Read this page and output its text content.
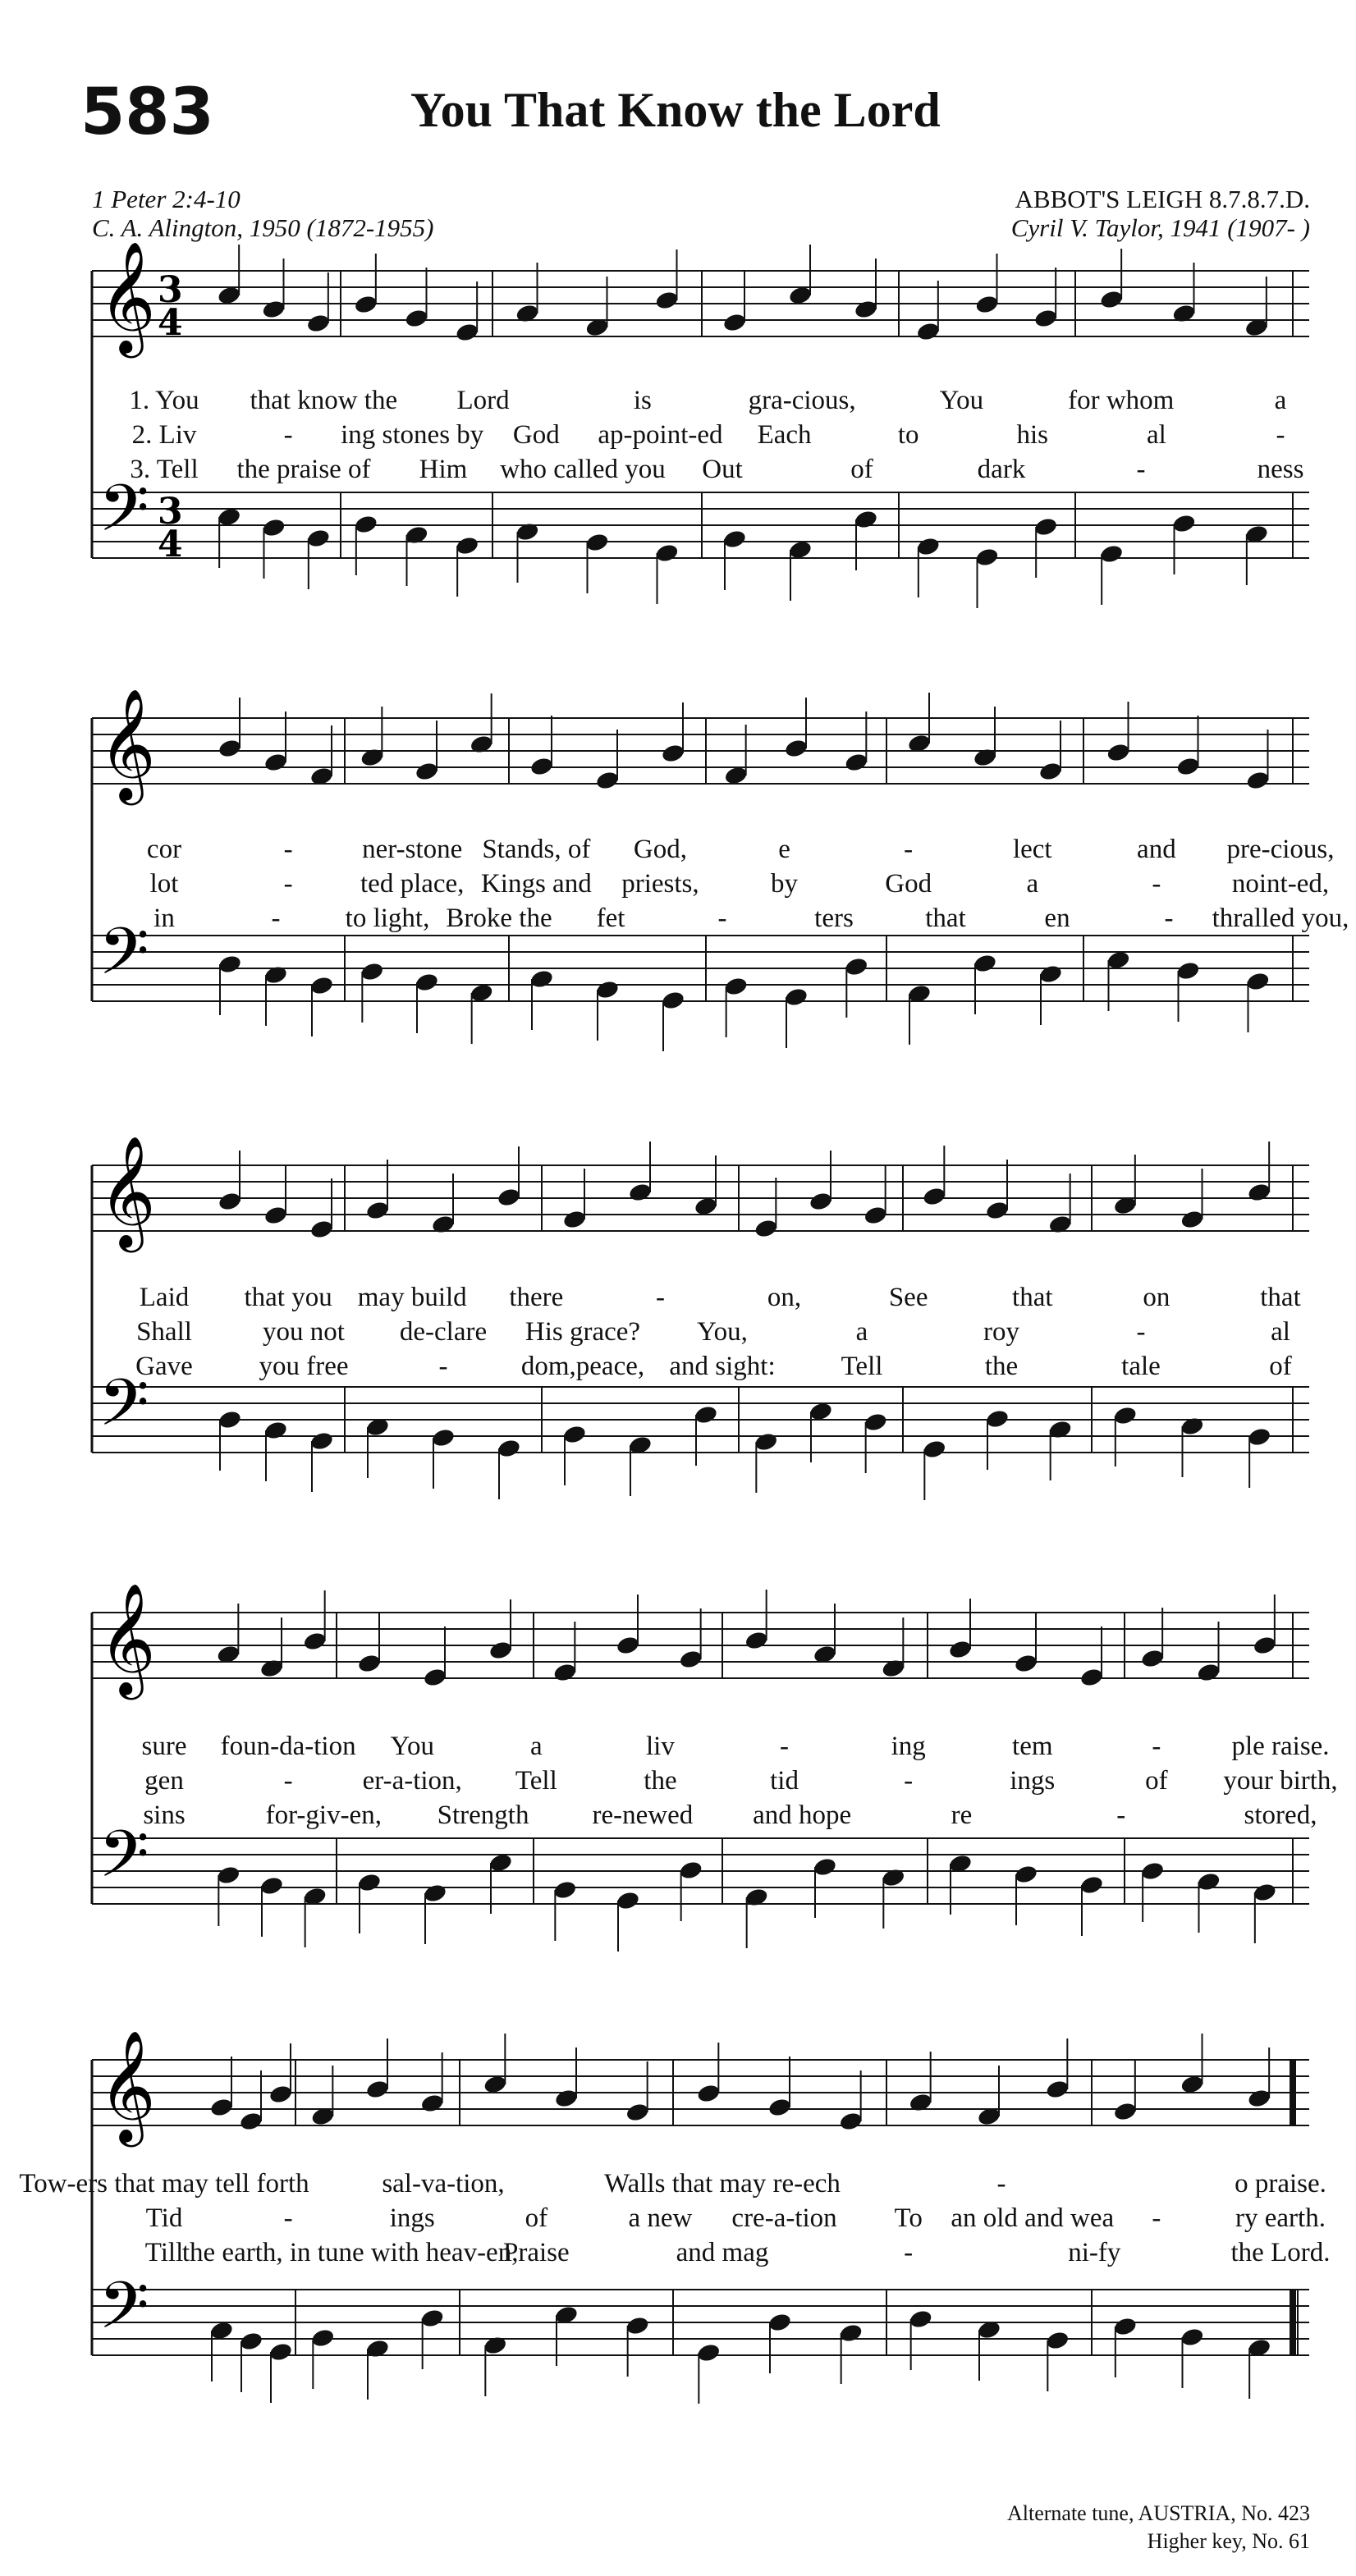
583	You That Know the Lord
1 Peter 2:4-10
C. A. Alington, 1950 (1872-1955)
ABBOT'S LEIGH 8.7.8.7.D.
Cyril V. Taylor, 1941 (1907- )
𝄞 3
4
𝄢 3
4
𝄞
𝄢
𝄞
𝄢
𝄞
𝄢
𝄞
𝄢
1. You that know the Lord	is	gra-cious,	You	for whom	a
2. Liv	- ing stones by God ap-point-ed Each	to	his	al	-
3. Tell the praise of Him who called you Out	of	dark	-	ness
cor	-	ner-stone Stands, of God,	e	-	lect	and pre-cious,
lot	- ted place, Kings and priests,	by	God	a	-	noint-ed,
in	- to light, Broke the fet	-	ters	that	en	- thralled you,
Laid that you may build there	-	on,	See	that	on	that
Shall	you not de-clare His grace? You,	a	roy	-	al
Gave you free	-	dom,peace, and sight: Tell	the	tale	of
sure foun-da-tion You	a	liv	-	ing	tem	-	ple raise.
gen	-	er-a-tion, Tell	the	tid	-	ings	of your birth,
sins	for-giv-en, Strength re-newed and hope	re	-	stored,
Tow-ers that may tell forth	sal-va-tion,	Walls that may re-ech	-	o praise.
Tid	-	ings	of	a new cre-a-tion To an old and wea -	ry earth.
Till
the earth, in tune with heav-en,
Praise	and mag	-	ni-fy	the Lord.
Alternate tune, AUSTRIA, No. 423
Higher key, No. 61
